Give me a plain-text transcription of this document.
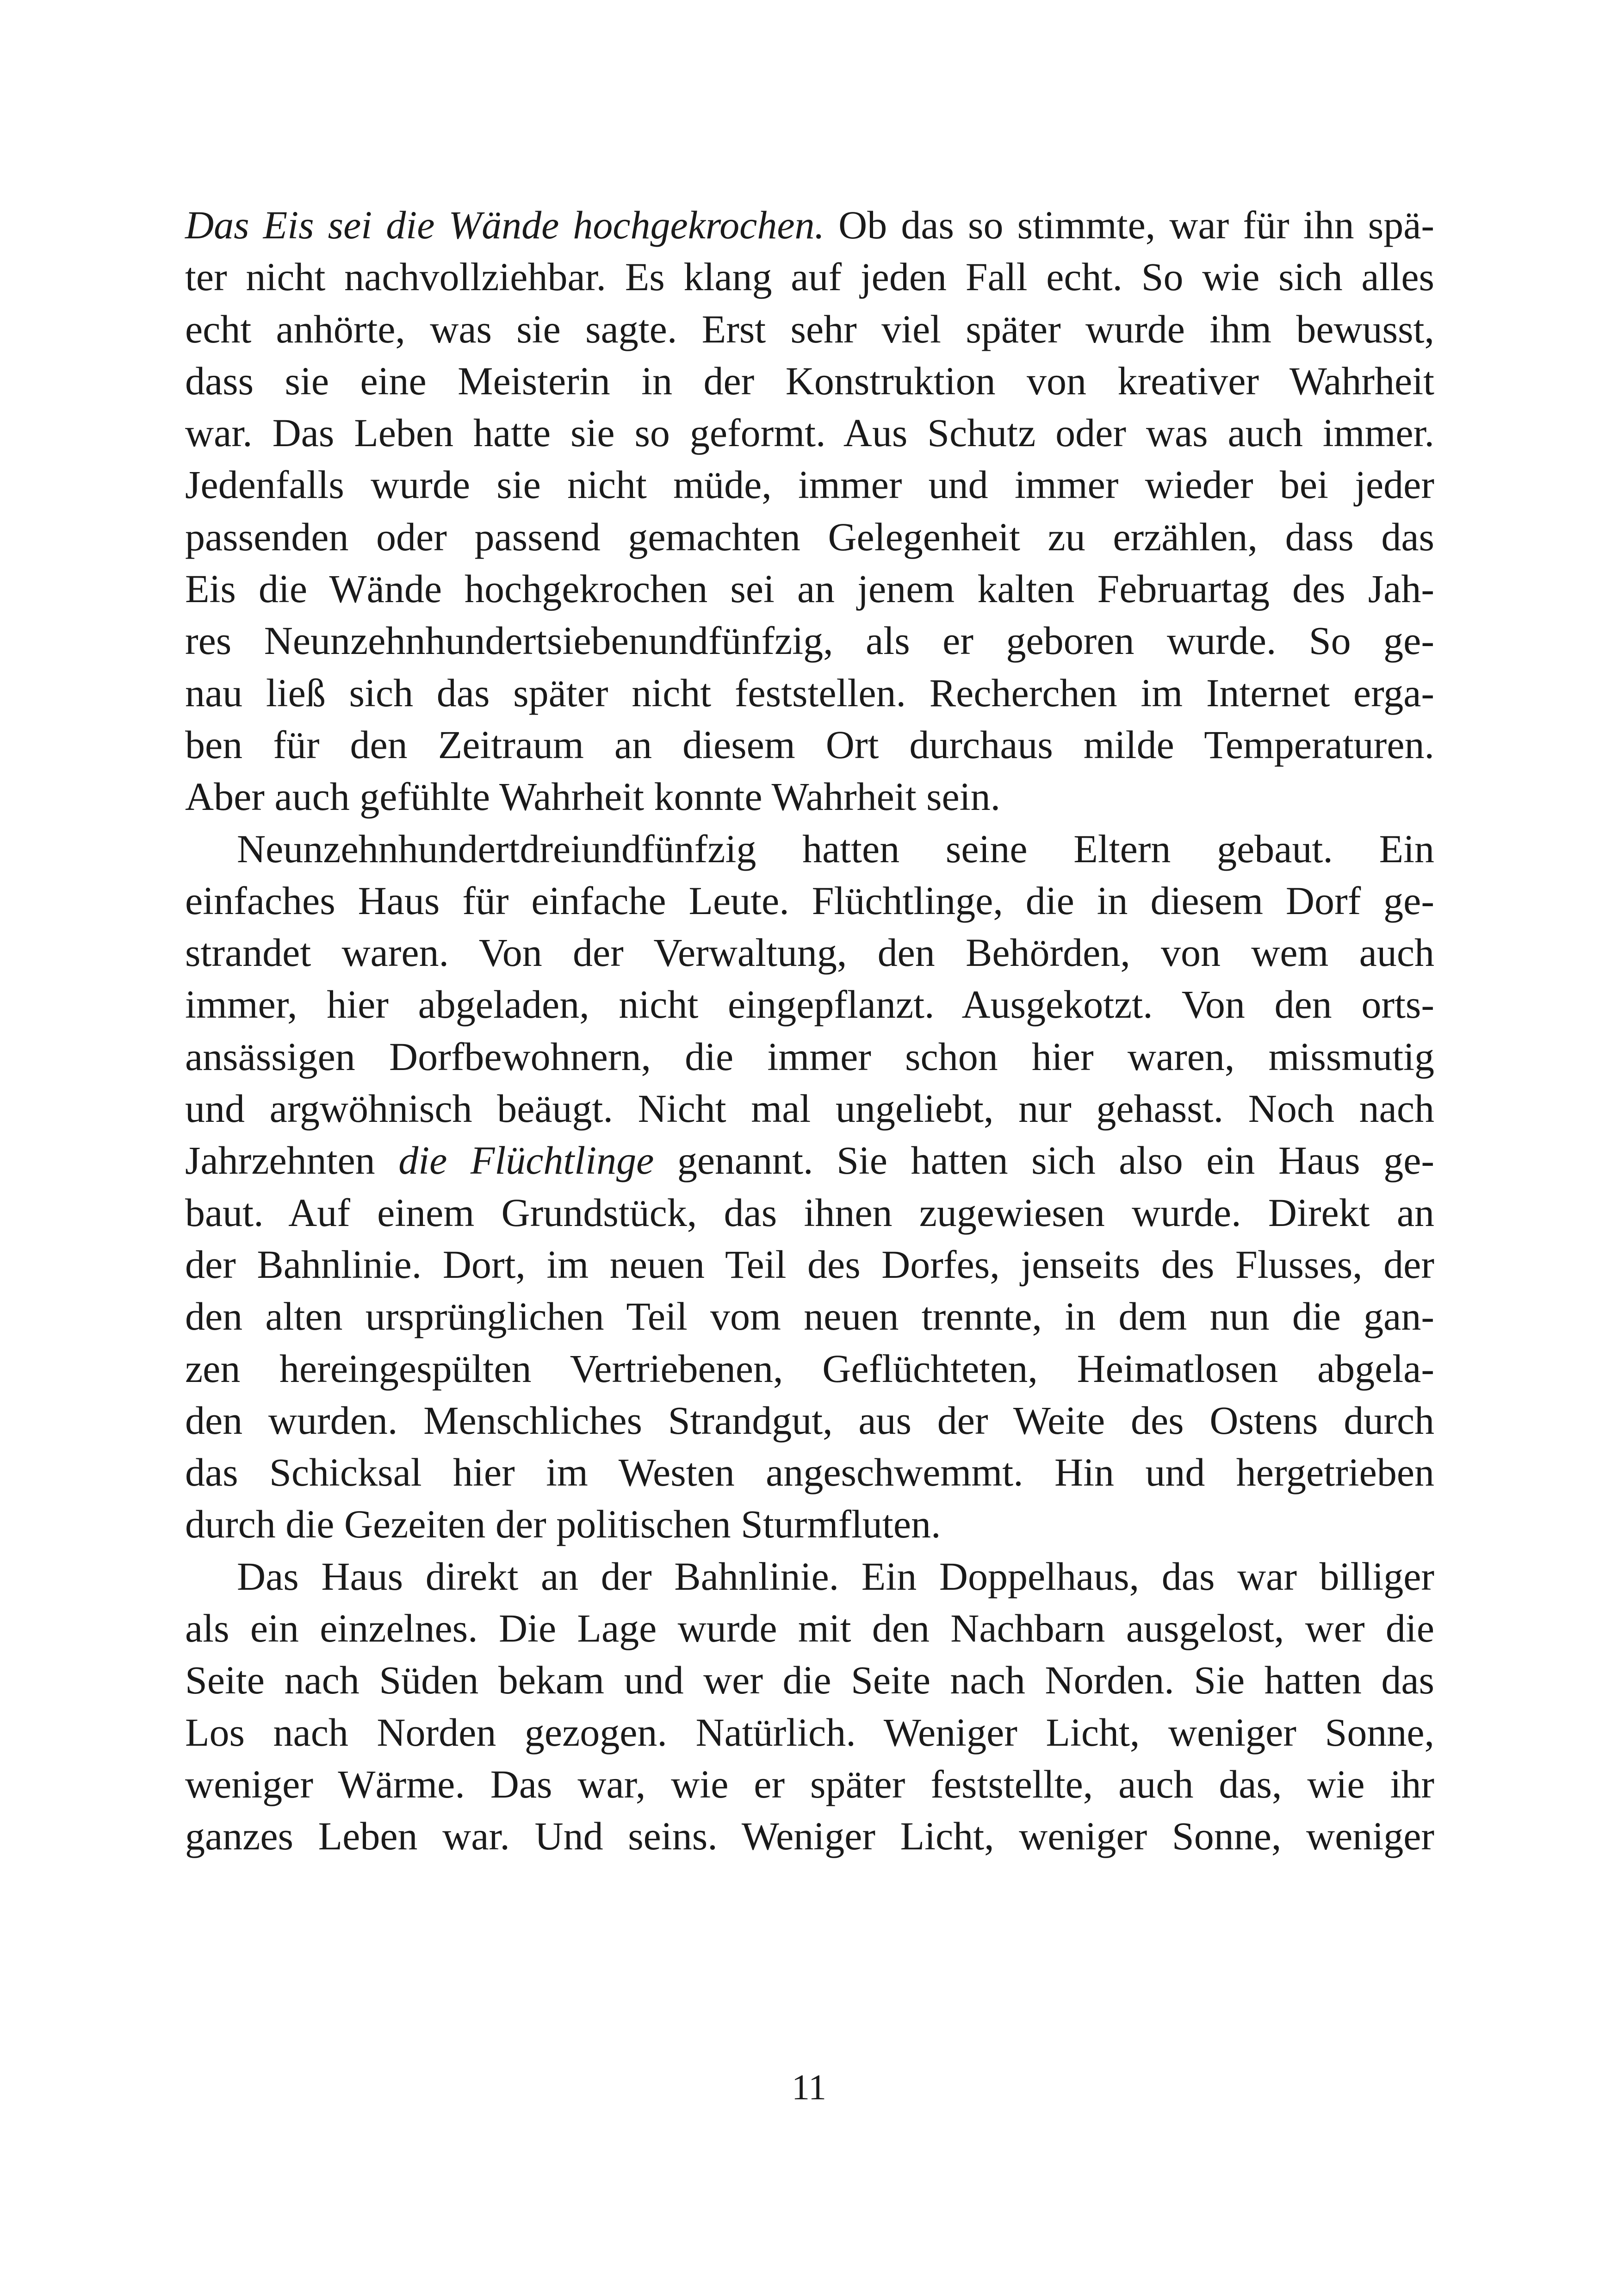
Das Eis sei die Wände hochgekrochen. Ob das so stimmte, war für ihn spä-
ter nicht nachvollziehbar. Es klang auf jeden Fall echt. So wie sich alles
echt anhörte, was sie sagte. Erst sehr viel später wurde ihm bewusst,
dass sie eine Meisterin in der Konstruktion von kreativer Wahrheit
war. Das Leben hatte sie so geformt. Aus Schutz oder was auch immer.
Jedenfalls wurde sie nicht müde, immer und immer wieder bei jeder
passenden oder passend gemachten Gelegenheit zu erzählen, dass das
Eis die Wände hochgekrochen sei an jenem kalten Februartag des Jah-
res Neunzehnhundertsiebenundfünfzig, als er geboren wurde. So ge-
nau ließ sich das später nicht feststellen. Recherchen im Internet erga-
ben für den Zeitraum an diesem Ort durchaus milde Temperaturen.
Aber auch gefühlte Wahrheit konnte Wahrheit sein.
Neunzehnhundertdreiundfünfzig hatten seine Eltern gebaut. Ein
einfaches Haus für einfache Leute. Flüchtlinge, die in diesem Dorf ge-
strandet waren. Von der Verwaltung, den Behörden, von wem auch
immer, hier abgeladen, nicht eingepflanzt. Ausgekotzt. Von den orts-
ansässigen Dorfbewohnern, die immer schon hier waren, missmutig
und argwöhnisch beäugt. Nicht mal ungeliebt, nur gehasst. Noch nach
Jahrzehnten die Flüchtlinge genannt. Sie hatten sich also ein Haus ge-
baut. Auf einem Grundstück, das ihnen zugewiesen wurde. Direkt an
der Bahnlinie. Dort, im neuen Teil des Dorfes, jenseits des Flusses, der
den alten ursprünglichen Teil vom neuen trennte, in dem nun die gan-
zen hereingespülten Vertriebenen, Geflüchteten, Heimatlosen abgela-
den wurden. Menschliches Strandgut, aus der Weite des Ostens durch
das Schicksal hier im Westen angeschwemmt. Hin und hergetrieben
durch die Gezeiten der politischen Sturmfluten.
Das Haus direkt an der Bahnlinie. Ein Doppelhaus, das war billiger
als ein einzelnes. Die Lage wurde mit den Nachbarn ausgelost, wer die
Seite nach Süden bekam und wer die Seite nach Norden. Sie hatten das
Los nach Norden gezogen. Natürlich. Weniger Licht, weniger Sonne,
weniger Wärme. Das war, wie er später feststellte, auch das, wie ihr
ganzes Leben war. Und seins. Weniger Licht, weniger Sonne, weniger
11
